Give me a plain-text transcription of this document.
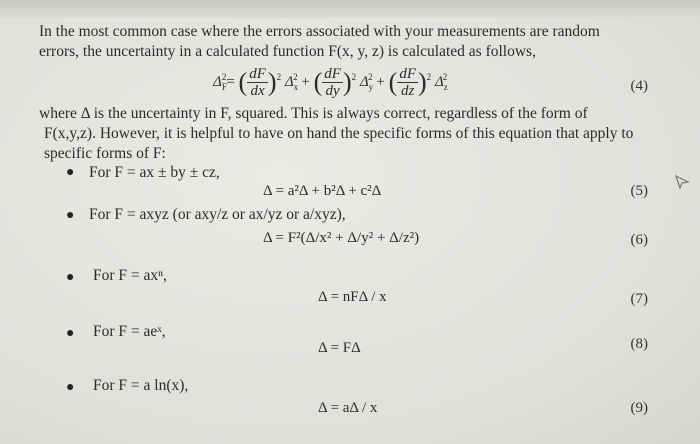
In the most common case where the errors associated with your measurements are random
errors, the uncertainty in a calculated function F(x, y, z) is calculated as follows,
$\Delta_F^2=$ ( $\frac{dF}{dx} )^2$ $\Delta_x^2$ + ( $\frac{dF}{dy} )^2$ $\Delta_y^2$ + ( $\frac{dF}{dz} )^2$ $\Delta_z^2$
(4)
where Δ is the uncertainty in F, squared. This is always correct, regardless of the form of
F(x,y,z). However, it is helpful to have on hand the specific forms of this equation that apply to
specific forms of F:
● For F = ax ± by ± cz,
Δ = a²Δ + b²Δ + c²Δ	(5)
● For F = axyz (or axy/z or ax/yz or a/xyz),
Δ = F²(Δ/x² + Δ/y² + Δ/z²)	(6)
● For F = axⁿ,
Δ = nFΔ / x	(7)
● For F = aeˣ,
Δ = FΔ	(8)
● For F = a ln(x),
Δ = aΔ / x	(9)
